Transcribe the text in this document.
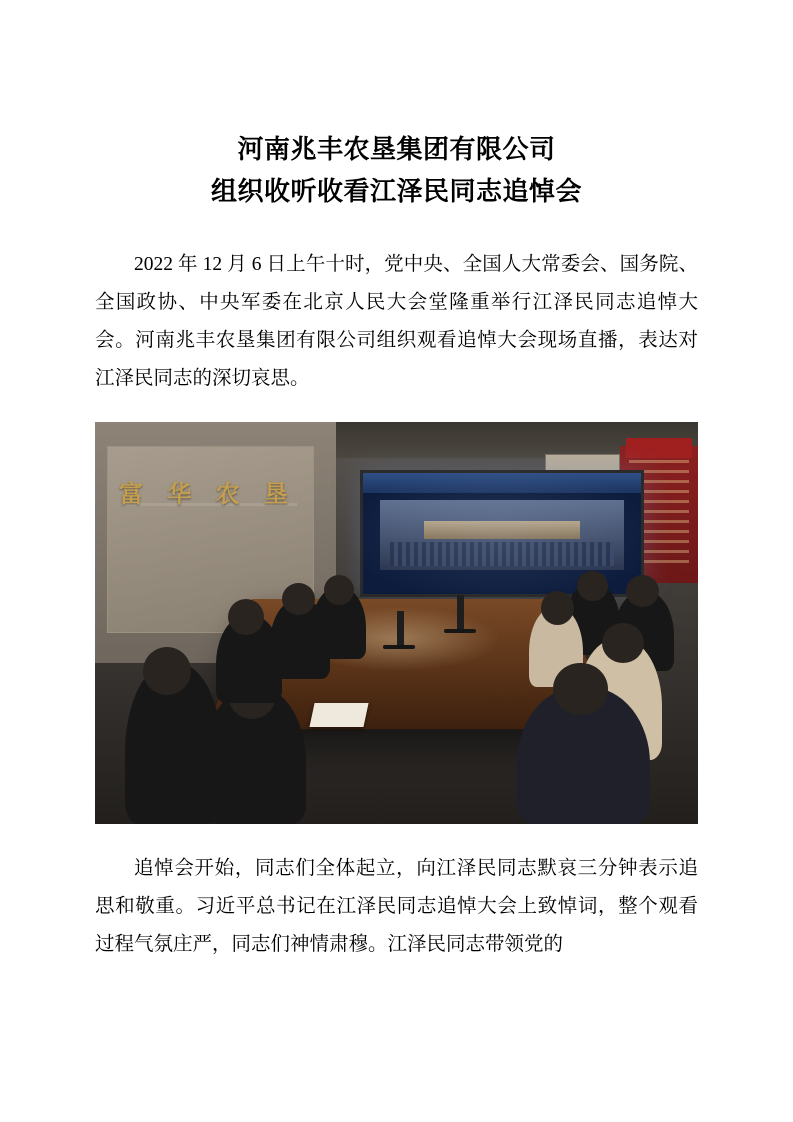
河南兆丰农垦集团有限公司
组织收听收看江泽民同志追悼会

2022 年 12 月 6 日上午十时，党中央、全国人大常委会、国务院、全国政协、中央军委在北京人民大会堂隆重举行江泽民同志追悼大会。河南兆丰农垦集团有限公司组织观看追悼大会现场直播，表达对江泽民同志的深切哀思。

富 华 农 垦

追悼会开始，同志们全体起立，向江泽民同志默哀三分钟表示追思和敬重。习近平总书记在江泽民同志追悼大会上致悼词，整个观看过程气氛庄严，同志们神情肃穆。江泽民同志带领党的
